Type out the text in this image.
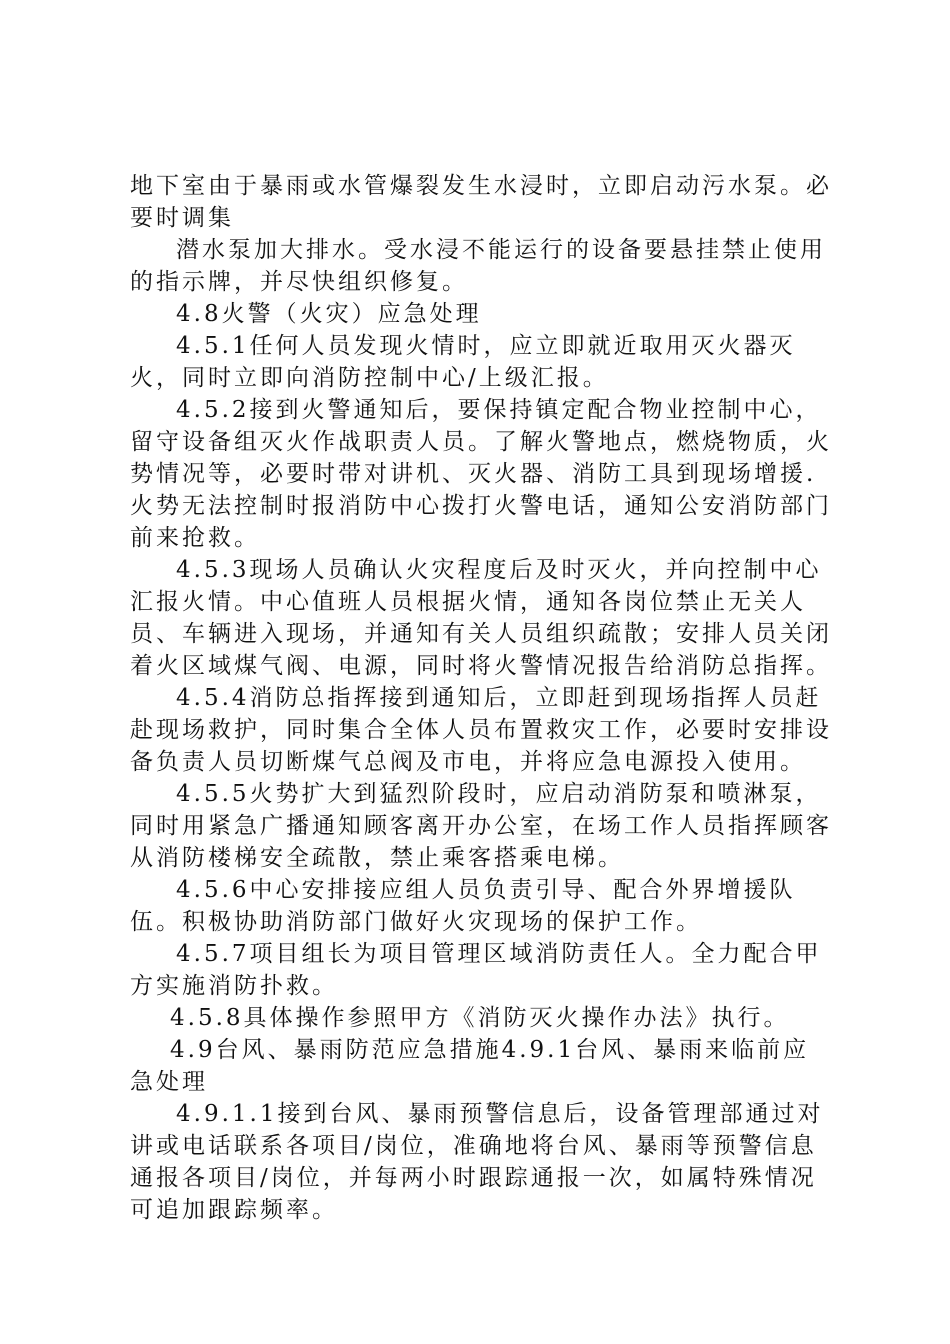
地下室由于暴雨或水管爆裂发生水浸时，立即启动污水泵。必要时调集

潜水泵加大排水。受水浸不能运行的设备要悬挂禁止使用的指示牌，并尽快组织修复。

4.8火警（火灾）应急处理

4.5.1任何人员发现火情时，应立即就近取用灭火器灭火，同时立即向消防控制中心/上级汇报。

4.5.2接到火警通知后，要保持镇定配合物业控制中心，留守设备组灭火作战职责人员。了解火警地点，燃烧物质，火势情况等，必要时带对讲机、灭火器、消防工具到现场增援.火势无法控制时报消防中心拨打火警电话，通知公安消防部门前来抢救。

4.5.3现场人员确认火灾程度后及时灭火，并向控制中心汇报火情。中心值班人员根据火情，通知各岗位禁止无关人员、车辆进入现场，并通知有关人员组织疏散；安排人员关闭着火区域煤气阀、电源，同时将火警情况报告给消防总指挥。

4.5.4消防总指挥接到通知后，立即赶到现场指挥人员赶赴现场救护，同时集合全体人员布置救灾工作，必要时安排设备负责人员切断煤气总阀及市电，并将应急电源投入使用。

4.5.5火势扩大到猛烈阶段时，应启动消防泵和喷淋泵，同时用紧急广播通知顾客离开办公室，在场工作人员指挥顾客从消防楼梯安全疏散，禁止乘客搭乘电梯。

4.5.6中心安排接应组人员负责引导、配合外界增援队伍。积极协助消防部门做好火灾现场的保护工作。

4.5.7项目组长为项目管理区域消防责任人。全力配合甲方实施消防扑救。

4.5.8具体操作参照甲方《消防灭火操作办法》执行。

4.9台风、暴雨防范应急措施4.9.1台风、暴雨来临前应急处理

4.9.1.1接到台风、暴雨预警信息后，设备管理部通过对讲或电话联系各项目/岗位，准确地将台风、暴雨等预警信息通报各项目/岗位，并每两小时跟踪通报一次，如属特殊情况可追加跟踪频率。
